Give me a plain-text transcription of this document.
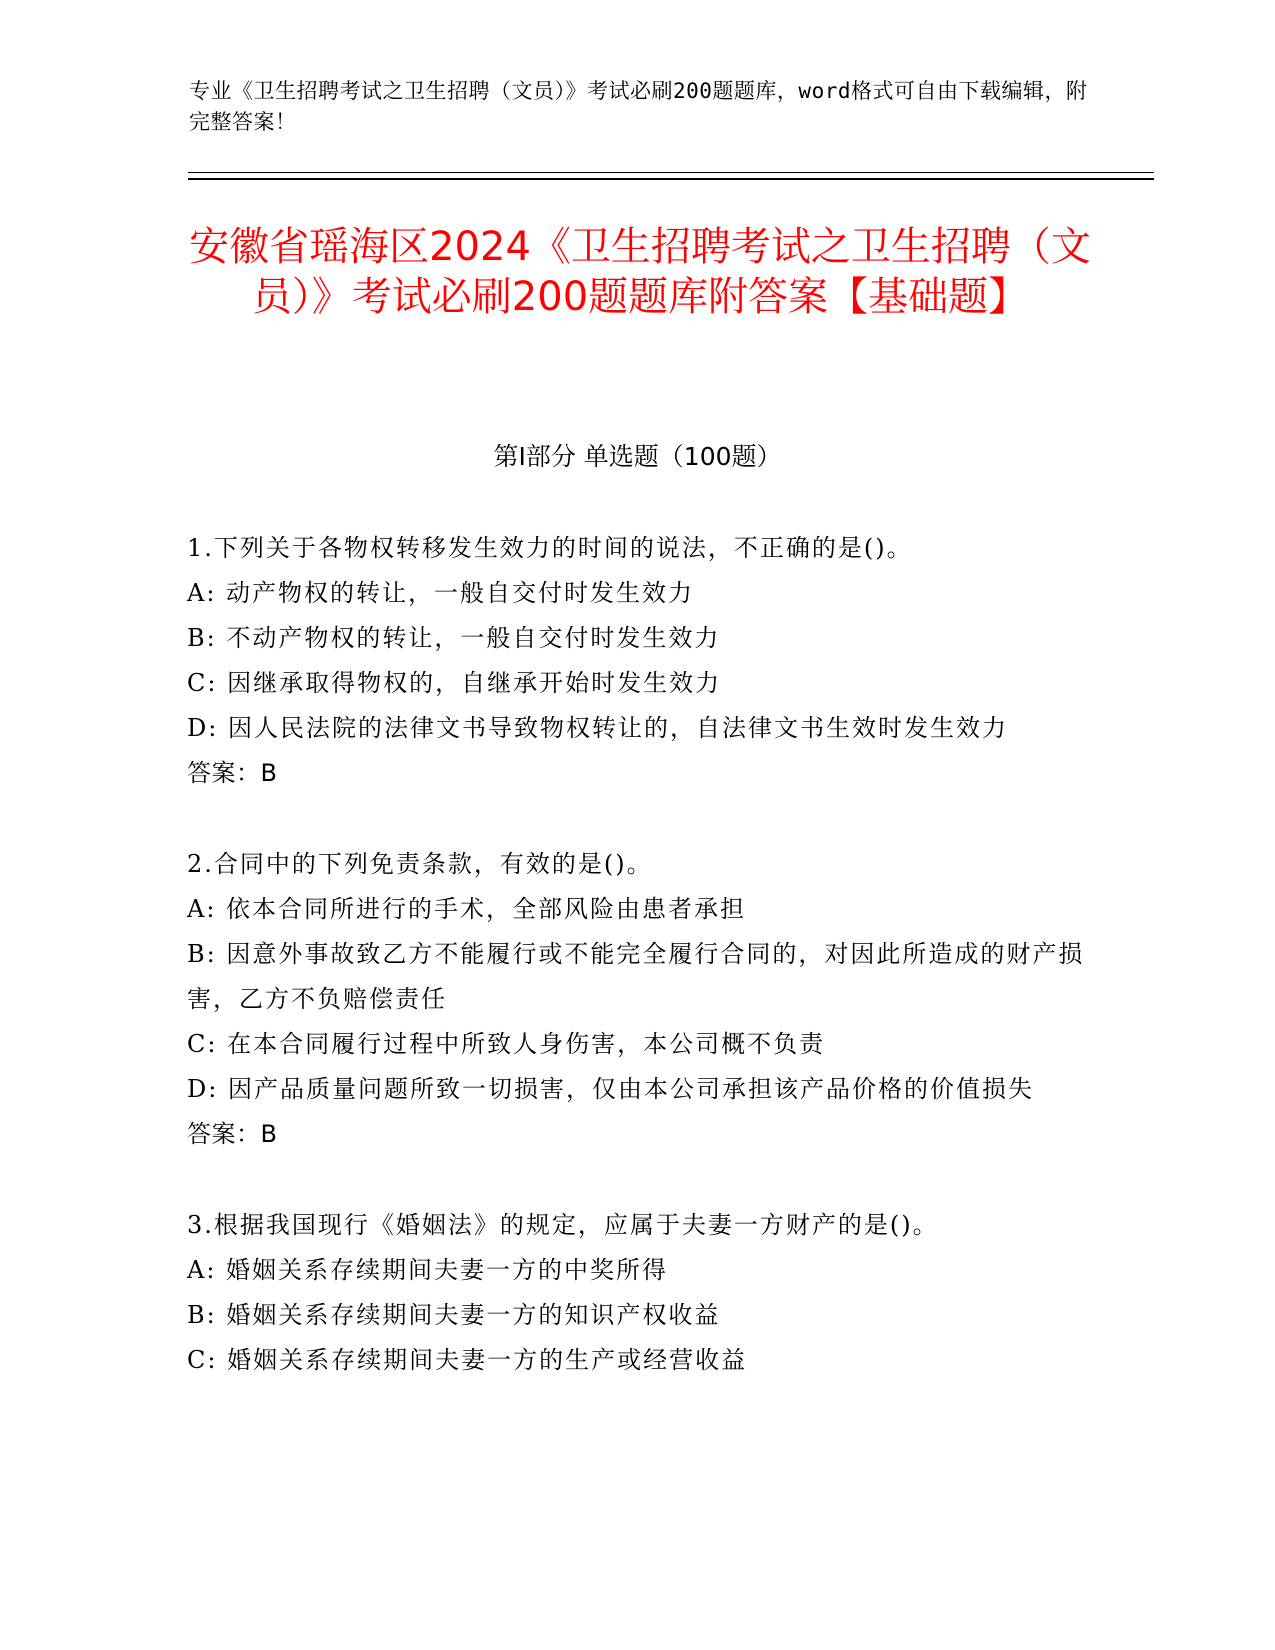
专业《卫生招聘考试之卫生招聘（文员）》考试必刷200题题库，word格式可自由下载编辑，附完整答案！
安徽省瑶海区2024《卫生招聘考试之卫生招聘（文员）》考试必刷200题题库附答案【基础题】
第I部分 单选题（100题）

1.下列关于各物权转移发生效力的时间的说法，不正确的是()。

A: 动产物权的转让，一般自交付时发生效力

B: 不动产物权的转让，一般自交付时发生效力

C: 因继承取得物权的，自继承开始时发生效力

D: 因人民法院的法律文书导致物权转让的，自法律文书生效时发生效力

答案：B

2.合同中的下列免责条款，有效的是()。

A: 依本合同所进行的手术，全部风险由患者承担

B: 因意外事故致乙方不能履行或不能完全履行合同的，对因此所造成的财产损害，乙方不负赔偿责任

C: 在本合同履行过程中所致人身伤害，本公司概不负责

D: 因产品质量问题所致一切损害，仅由本公司承担该产品价格的价值损失

答案：B

3.根据我国现行《婚姻法》的规定，应属于夫妻一方财产的是()。

A: 婚姻关系存续期间夫妻一方的中奖所得

B: 婚姻关系存续期间夫妻一方的知识产权收益

C: 婚姻关系存续期间夫妻一方的生产或经营收益
